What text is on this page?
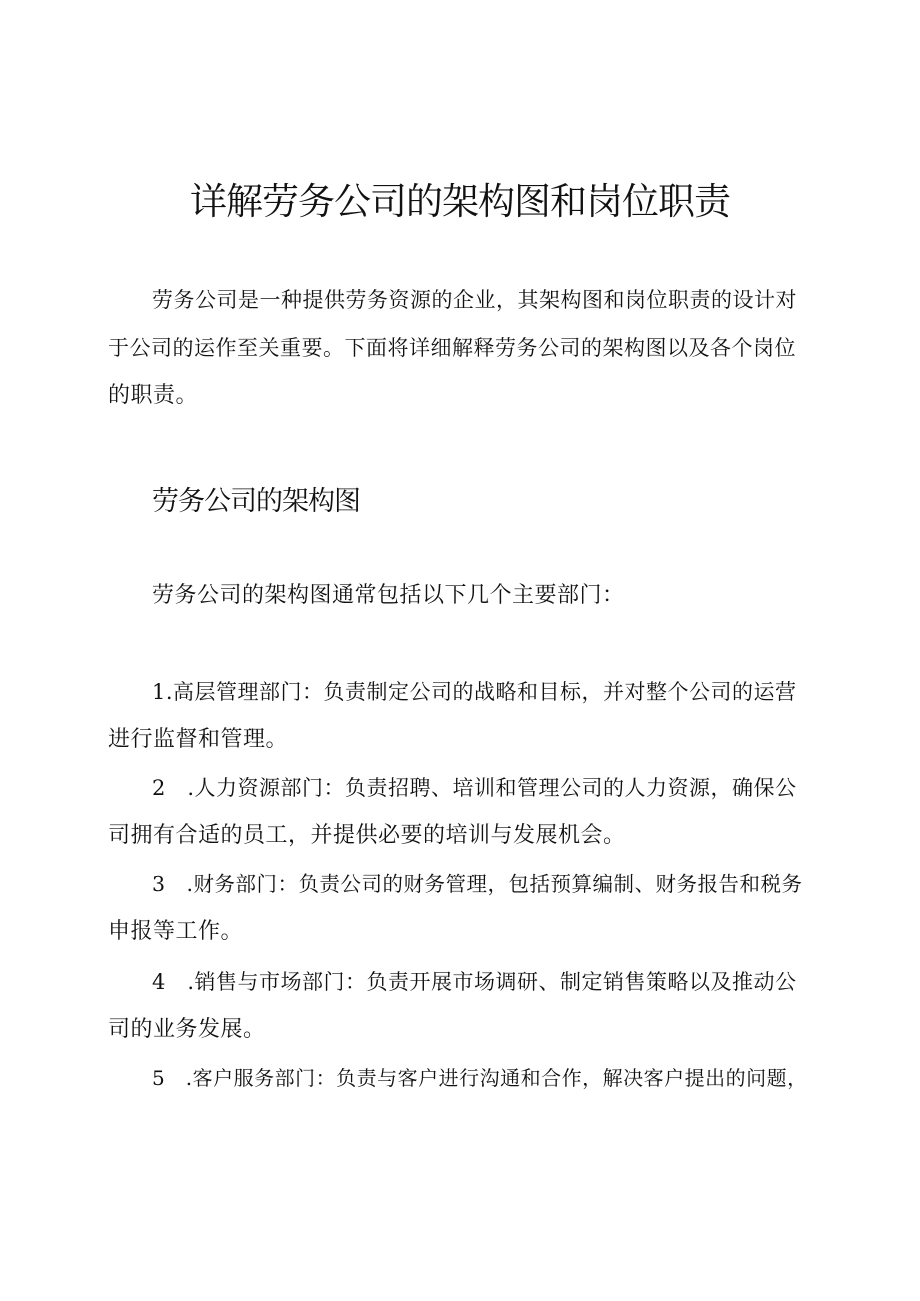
详解劳务公司的架构图和岗位职责
劳务公司是一种提供劳务资源的企业，其架构图和岗位职责的设计对
于公司的运作至关重要。下面将详细解释劳务公司的架构图以及各个岗位
的职责。
劳务公司的架构图
劳务公司的架构图通常包括以下几个主要部门：
1.高层管理部门：负责制定公司的战略和目标，并对整个公司的运营
进行监督和管理。
2　.人力资源部门：负责招聘、培训和管理公司的人力资源，确保公
司拥有合适的员工，并提供必要的培训与发展机会。
3　.财务部门：负责公司的财务管理，包括预算编制、财务报告和税务
申报等工作。
4　.销售与市场部门：负责开展市场调研、制定销售策略以及推动公
司的业务发展。
5　.客户服务部门：负责与客户进行沟通和合作，解决客户提出的问题，
